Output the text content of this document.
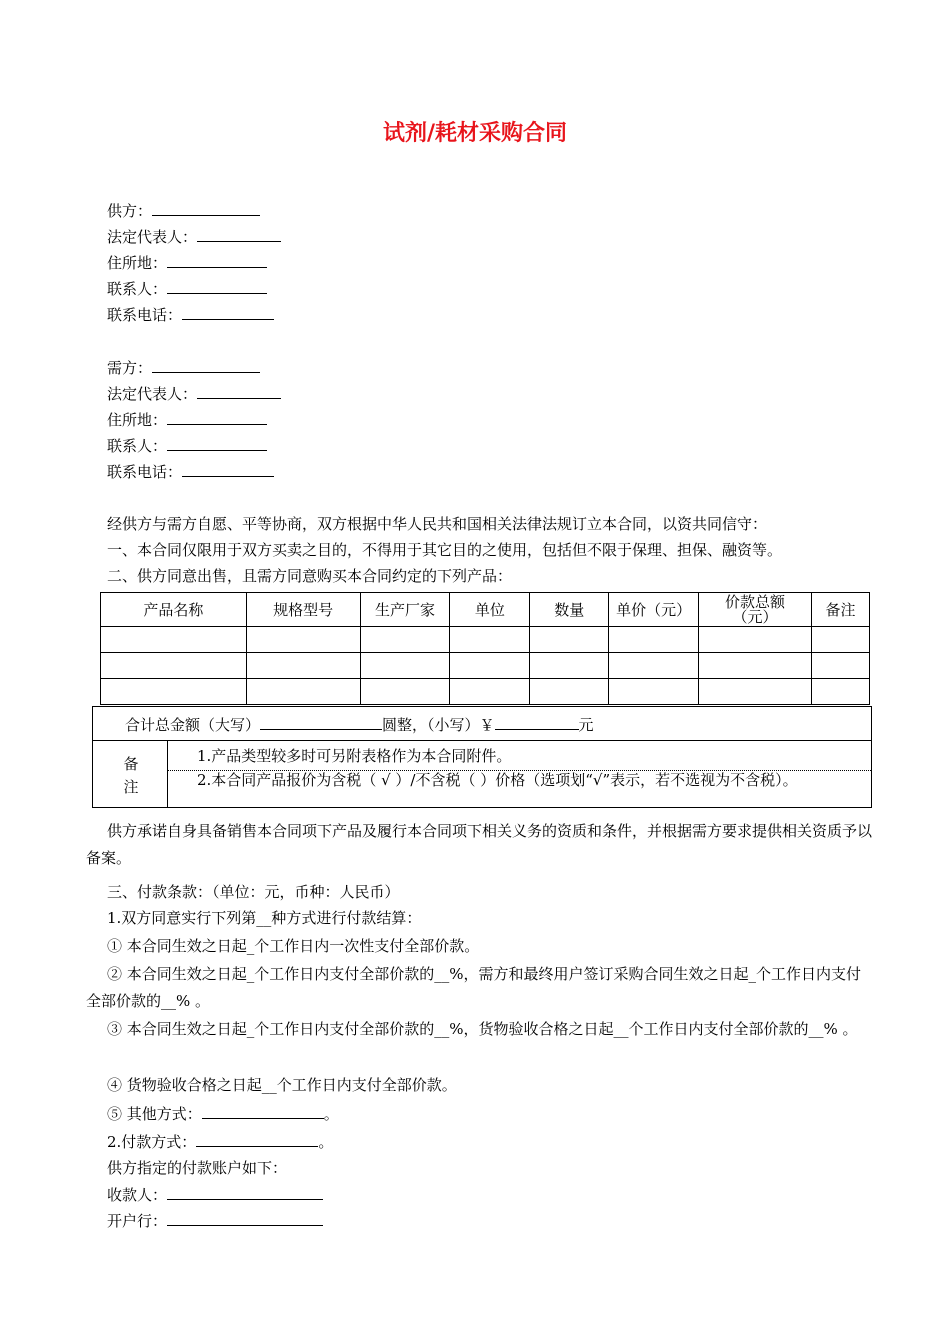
试剂/耗材采购合同
供方：
法定代表人：
住所地：
联系人：
联系电话：
需方：
法定代表人：
住所地：
联系人：
联系电话：
经供方与需方自愿、平等协商，双方根据中华人民共和国相关法律法规订立本合同，以资共同信守：
一、本合同仅限用于双方买卖之目的，不得用于其它目的之使用，包括但不限于保理、担保、融资等。
二、供方同意出售，且需方同意购买本合同约定的下列产品：
产品名称	规格型号	生产厂家	单位	数量	单价（元）	价款总额（元）	备注

合计总金额（大写）	圆整，（小写）￥	元
备
注
1.产品类型较多时可另附表格作为本合同附件。
2.本合同产品报价为含税（ √ ）/不含税（ ）价格（选项划“√”表示，若不选视为不含税）。
供方承诺自身具备销售本合同项下产品及履行本合同项下相关义务的资质和条件，并根据需方要求提供相关资质予以备案。
三、付款条款：（单位：元，币种：人民币）
1.双方同意实行下列第__种方式进行付款结算：
① 本合同生效之日起_个工作日内一次性支付全部价款。
② 本合同生效之日起_个工作日内支付全部价款的__%，需方和最终用户签订采购合同生效之日起_个工作日内支付全部价款的__% 。
③ 本合同生效之日起_个工作日内支付全部价款的__%，货物验收合格之日起__个工作日内支付全部价款的__% 。
④ 货物验收合格之日起__个工作日内支付全部价款。
⑤ 其他方式：	。
2.付款方式：	。
供方指定的付款账户如下：
收款人：
开户行：
